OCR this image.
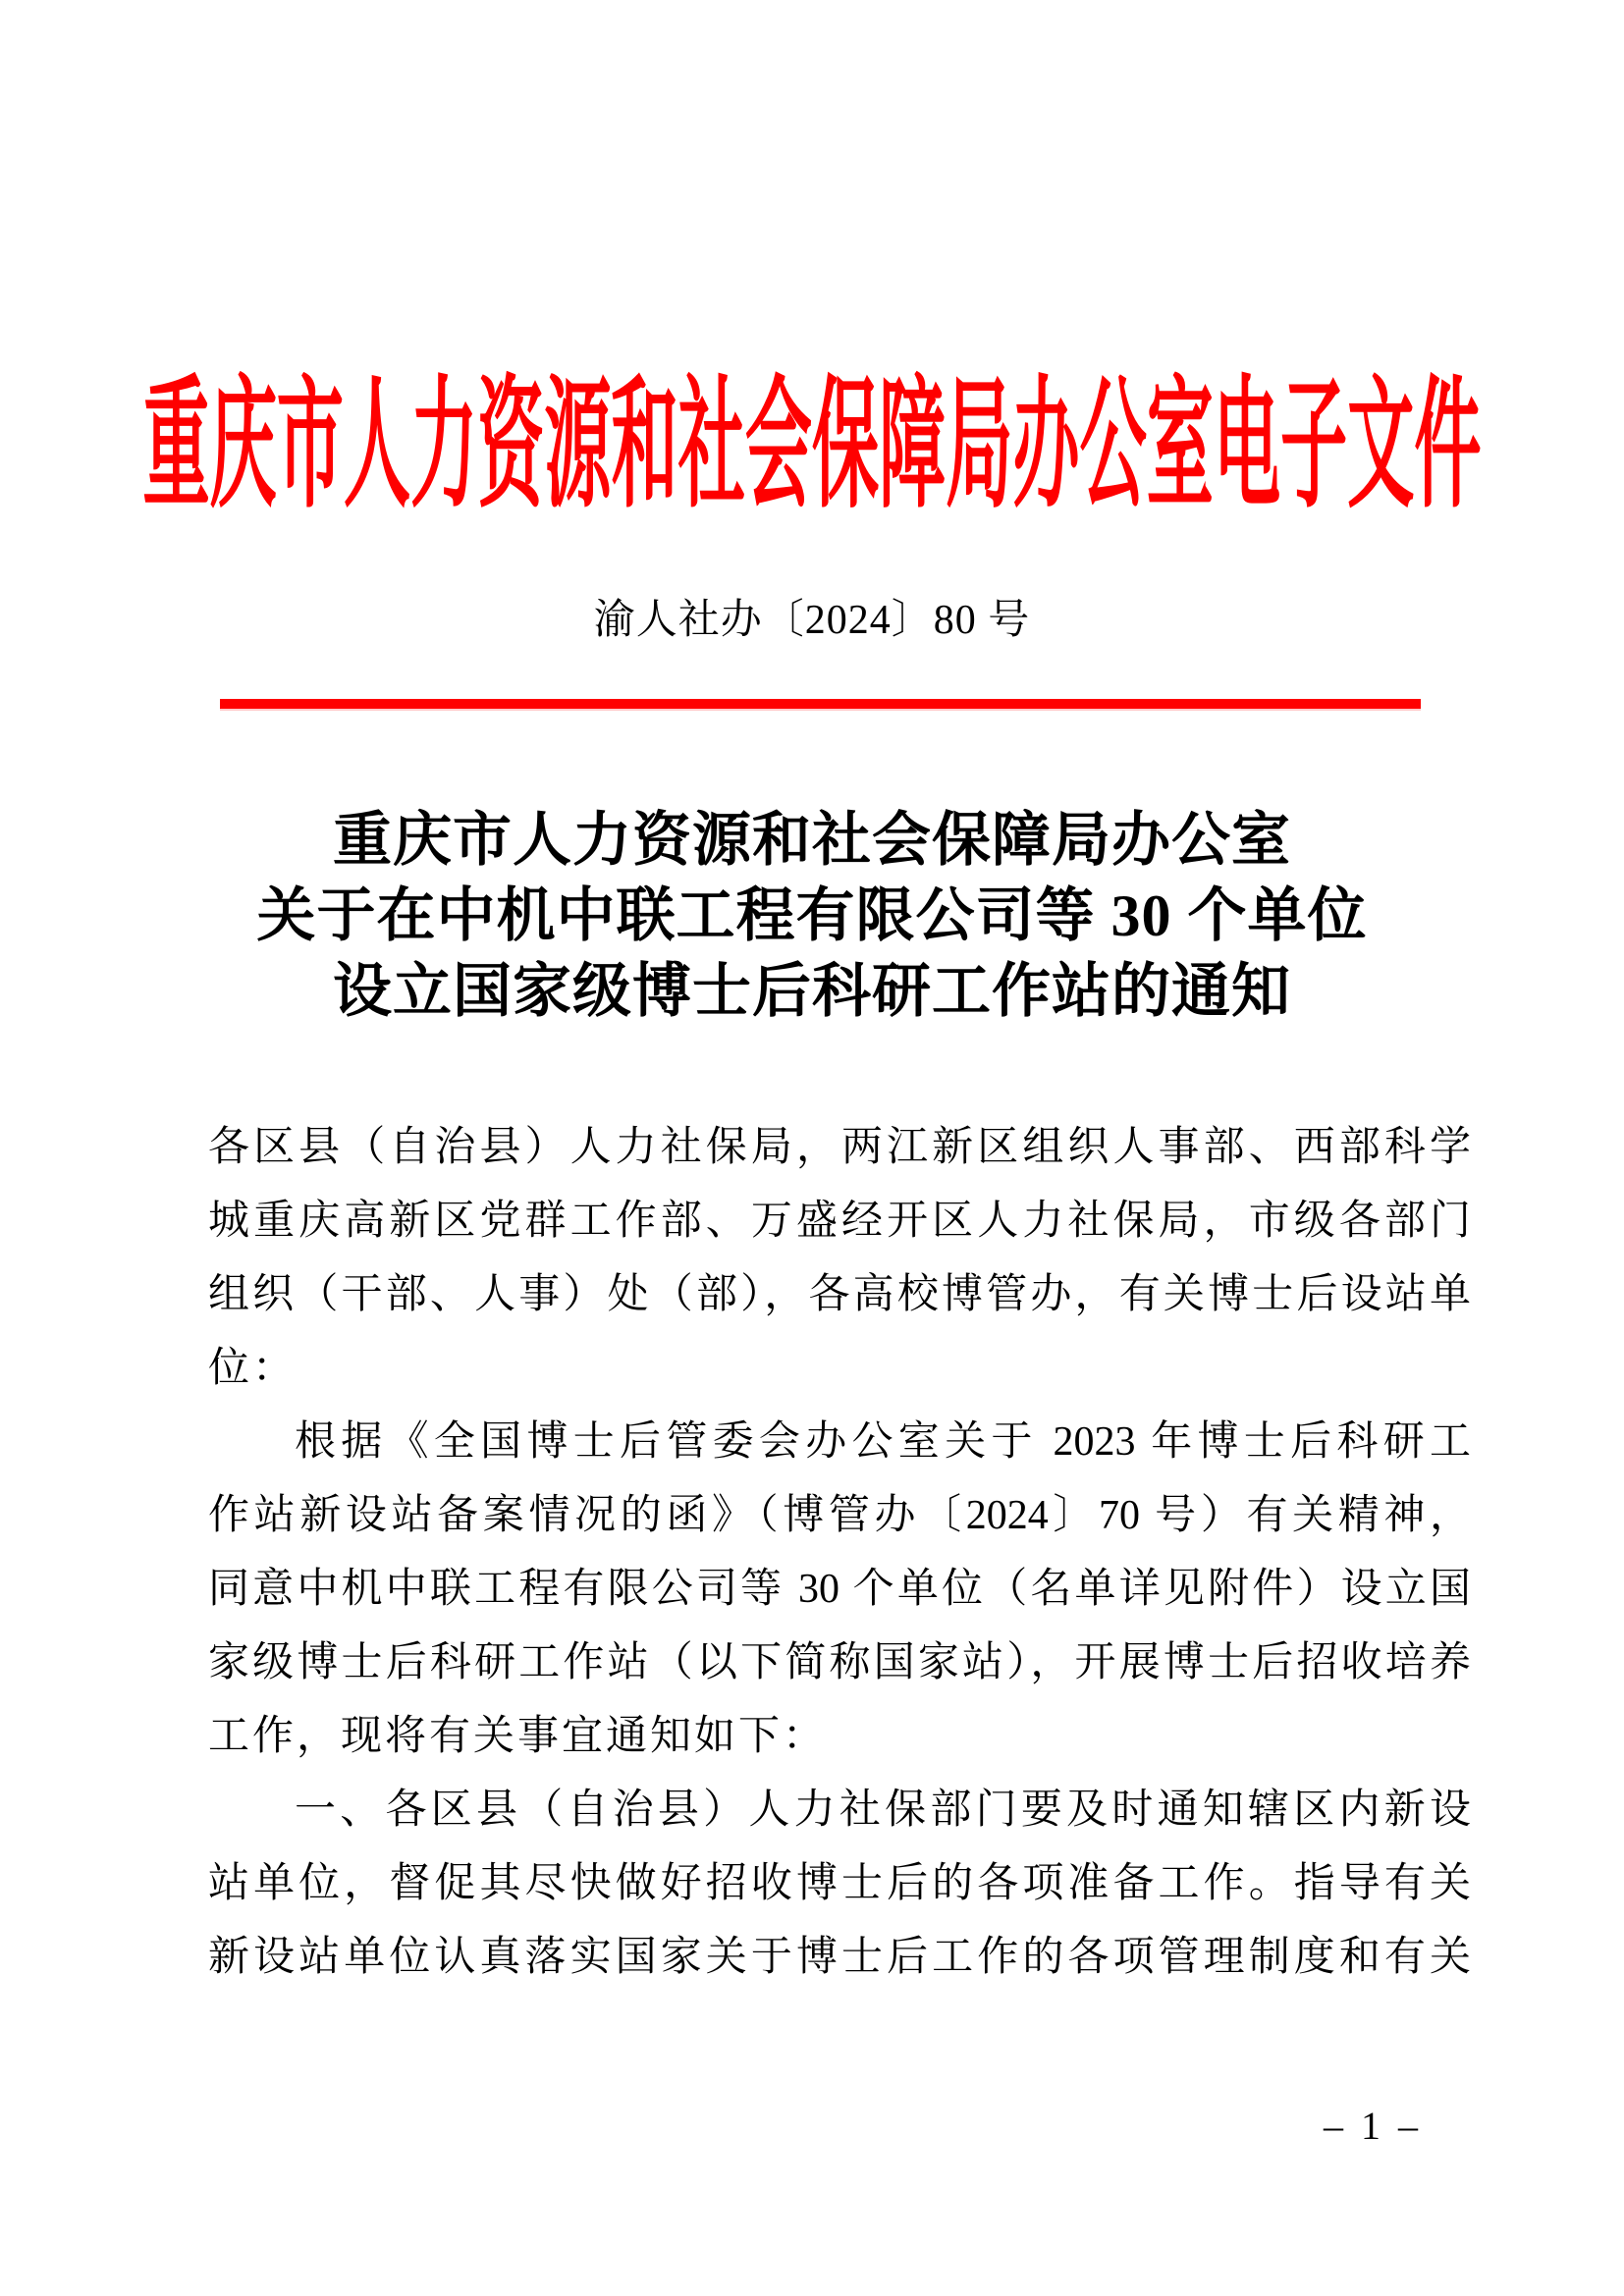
重庆市人力资源和社会保障局办公室电子文件
渝人社办〔2024〕80 号
重庆市人力资源和社会保障局办公室
关于在中机中联工程有限公司等 30 个单位
设立国家级博士后科研工作站的通知
各区县（自治县）人力社保局，两江新区组织人事部、西部科学
城重庆高新区党群工作部、万盛经开区人力社保局，市级各部门
组织（干部、人事）处（部），各高校博管办，有关博士后设站单
位：
根据《全国博士后管委会办公室关于 2023 年博士后科研工
作站新设站备案情况的函》（博管办〔2024〕70 号）有关精神，
同意中机中联工程有限公司等 30 个单位（名单详见附件）设立国
家级博士后科研工作站（以下简称国家站），开展博士后招收培养
工作，现将有关事宜通知如下：
一、各区县（自治县）人力社保部门要及时通知辖区内新设
站单位，督促其尽快做好招收博士后的各项准备工作。指导有关
新设站单位认真落实国家关于博士后工作的各项管理制度和有关
– 1 –
